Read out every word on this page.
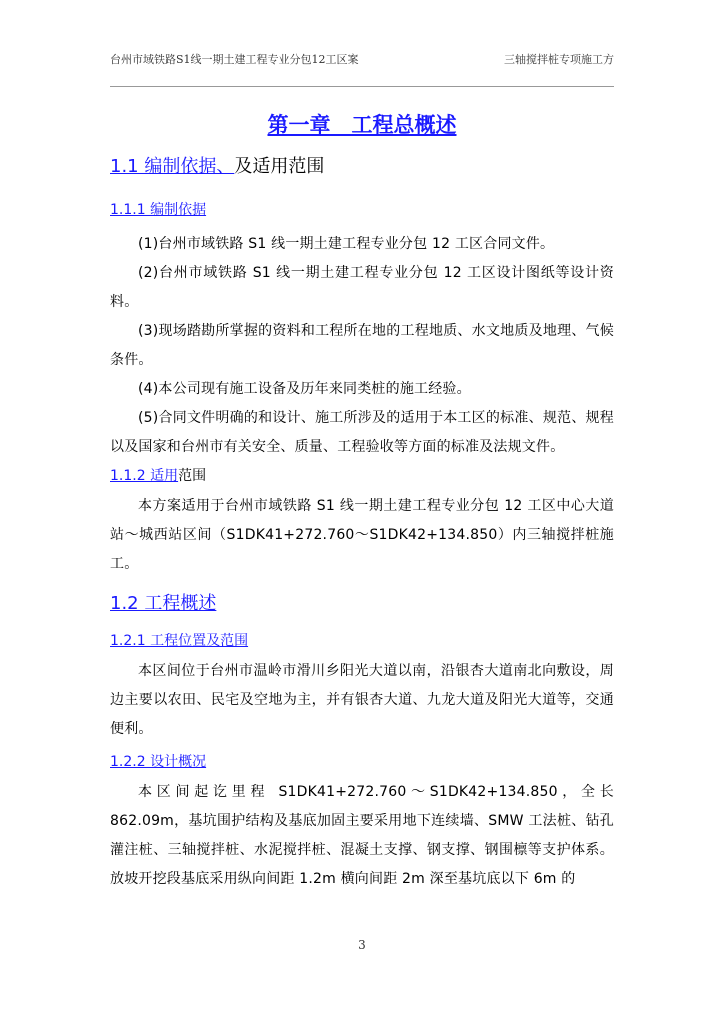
台州市域铁路S1线一期土建工程专业分包12工区案	三轴搅拌桩专项施工方
第一章　工程总概述
1.1 编制依据、及适用范围
1.1.1 编制依据

(1)台州市域铁路 S1 线一期土建工程专业分包 12 工区合同文件。

(2)台州市域铁路 S1 线一期土建工程专业分包 12 工区设计图纸等设计资料。

(3)现场踏勘所掌握的资料和工程所在地的工程地质、水文地质及地理、气候条件。

(4)本公司现有施工设备及历年来同类桩的施工经验。

(5)合同文件明确的和设计、施工所涉及的适用于本工区的标准、规范、规程以及国家和台州市有关安全、质量、工程验收等方面的标准及法规文件。

1.1.2 适用范围

本方案适用于台州市域铁路 S1 线一期土建工程专业分包 12 工区中心大道站～城西站区间（S1DK41+272.760～S1DK42+134.850）内三轴搅拌桩施工。

1.2 工程概述
1.2.1 工程位置及范围

本区间位于台州市温岭市滑川乡阳光大道以南，沿银杏大道南北向敷设，周边主要以农田、民宅及空地为主，并有银杏大道、九龙大道及阳光大道等，交通便利。

1.2.2 设计概况

本区间起讫里程 S1DK41+272.760～S1DK42+134.850，全长 862.09m，基坑围护结构及基底加固主要采用地下连续墙、SMW 工法桩、钻孔灌注桩、三轴搅拌桩、水泥搅拌桩、混凝土支撑、钢支撑、钢围檩等支护体系。放坡开挖段基底采用纵向间距 1.2m 横向间距 2m 深至基坑底以下 6m 的

3
